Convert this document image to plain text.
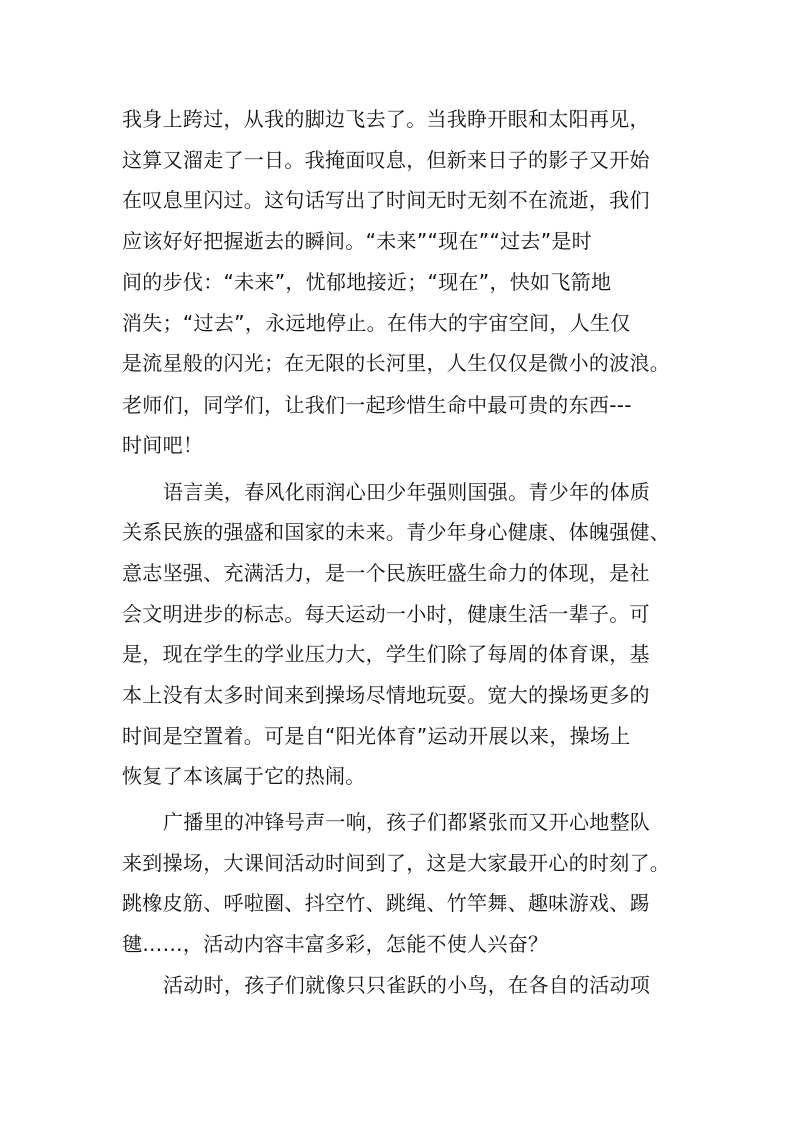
我身上跨过，从我的脚边飞去了。当我睁开眼和太阳再见，
这算又溜走了一日。我掩面叹息，但新来日子的影子又开始
在叹息里闪过。这句话写出了时间无时无刻不在流逝，我们
应该好好把握逝去的瞬间。“未来”“现在”“过去”是时
间的步伐：“未来”，忧郁地接近；“现在”，快如飞箭地
消失；“过去”，永远地停止。在伟大的宇宙空间，人生仅
是流星般的闪光；在无限的长河里，人生仅仅是微小的波浪。
老师们，同学们，让我们一起珍惜生命中最可贵的东西---
时间吧！
语言美，春风化雨润心田少年强则国强。青少年的体质
关系民族的强盛和国家的未来。青少年身心健康、体魄强健、
意志坚强、充满活力，是一个民族旺盛生命力的体现，是社
会文明进步的标志。每天运动一小时，健康生活一辈子。可
是，现在学生的学业压力大，学生们除了每周的体育课，基
本上没有太多时间来到操场尽情地玩耍。宽大的操场更多的
时间是空置着。可是自“阳光体育”运动开展以来，操场上
恢复了本该属于它的热闹。
广播里的冲锋号声一响，孩子们都紧张而又开心地整队
来到操场，大课间活动时间到了，这是大家最开心的时刻了。
跳橡皮筋、呼啦圈、抖空竹、跳绳、竹竿舞、趣味游戏、踢
毽……，活动内容丰富多彩，怎能不使人兴奋？
活动时，孩子们就像只只雀跃的小鸟，在各自的活动项
